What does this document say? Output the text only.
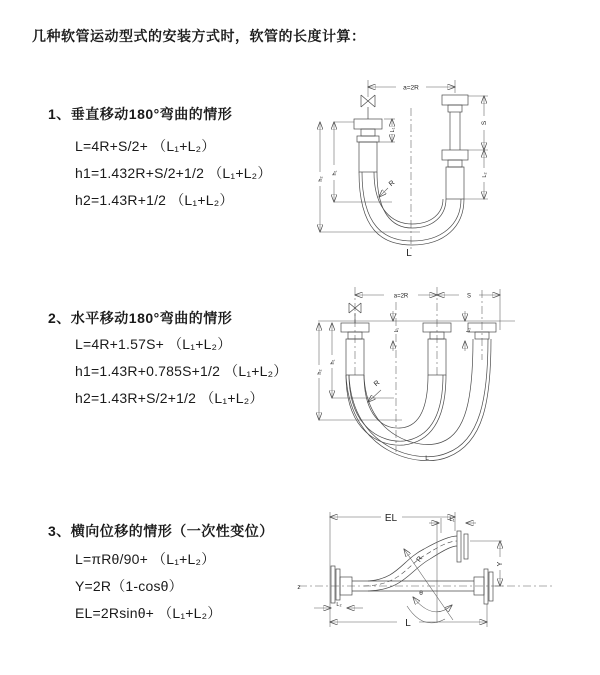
几种软管运动型式的安装方式时，软管的长度计算：
1、垂直移动180°弯曲的情形
L=4R+S/2+ （L₁+L₂）
h1=1.432R+S/2+1/2 （L₁+L₂）
h2=1.43R+1/2 （L₁+L₂）
2、水平移动180°弯曲的情形
L=4R+1.57S+ （L₁+L₂）
h1=1.43R+0.785S+1/2 （L₁+L₂）
h2=1.43R+S/2+1/2 （L₁+L₂）
3、横向位移的情形（一次性变位）
L=πRθ/90+ （L₁+L₂）
Y=2R（1-cosθ）
EL=2Rsinθ+ （L₁+L₂）
a=2R
L₁
S
L₂
h₁
h₂
R
L
a=2R	S
L₁	L₂
h₁
h₂
R
L
EL	L₁
Y
z
θ
R
L₂
L
